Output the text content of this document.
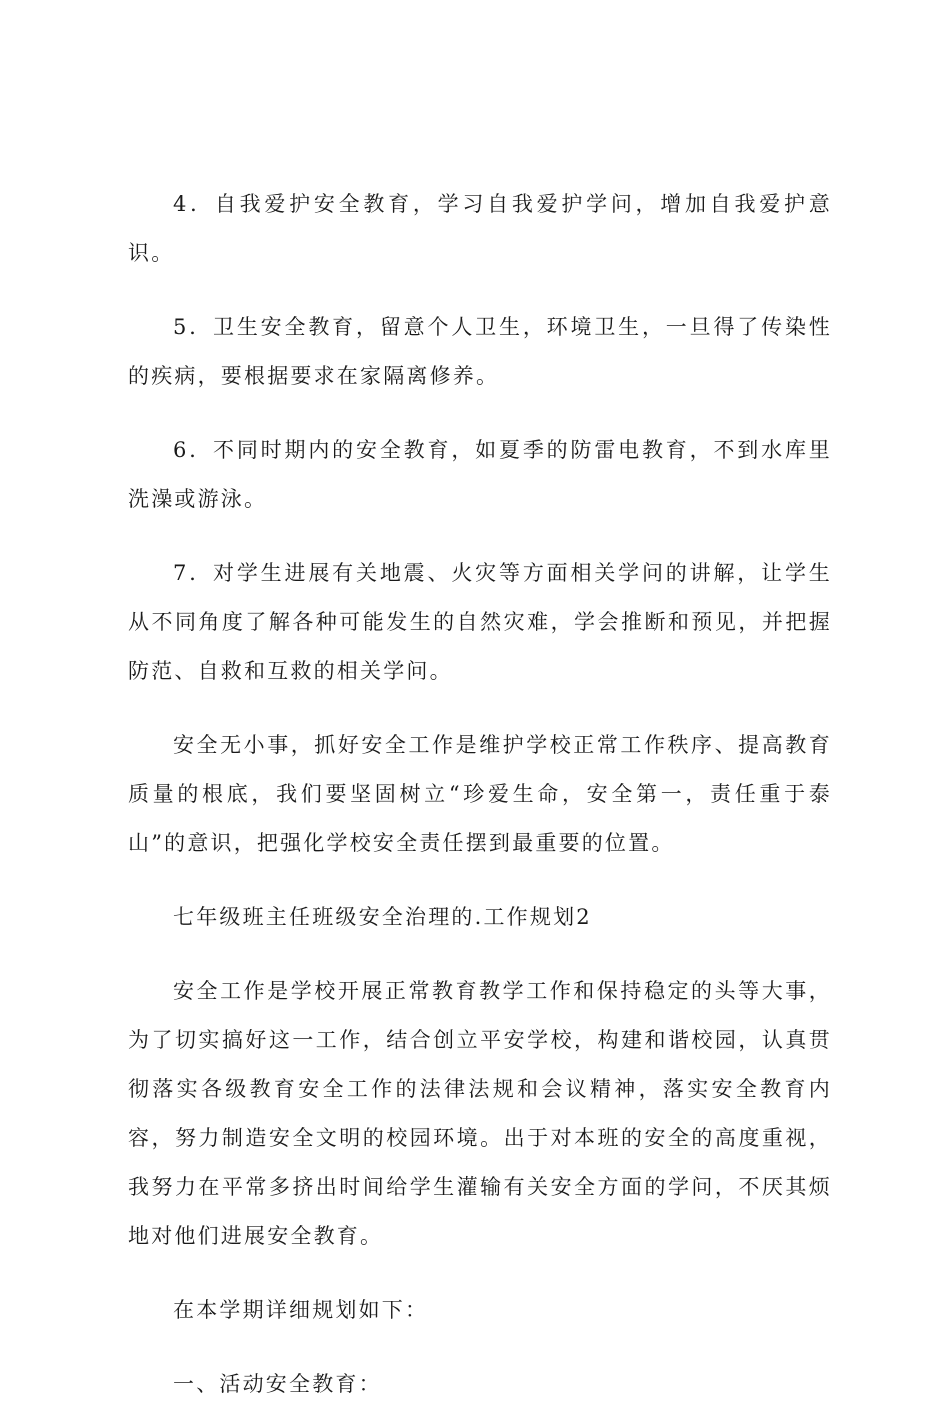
4．自我爱护安全教育，学习自我爱护学问，增加自我爱护意识。

5．卫生安全教育，留意个人卫生，环境卫生，一旦得了传染性的疾病，要根据要求在家隔离修养。

6．不同时期内的安全教育，如夏季的防雷电教育，不到水库里洗澡或游泳。

7．对学生进展有关地震、火灾等方面相关学问的讲解，让学生从不同角度了解各种可能发生的自然灾难，学会推断和预见，并把握防范、自救和互救的相关学问。

安全无小事，抓好安全工作是维护学校正常工作秩序、提高教育质量的根底，我们要坚固树立“珍爱生命，安全第一，责任重于泰山”的意识，把强化学校安全责任摆到最重要的位置。

七年级班主任班级安全治理的.工作规划2

安全工作是学校开展正常教育教学工作和保持稳定的头等大事，为了切实搞好这一工作，结合创立平安学校，构建和谐校园，认真贯彻落实各级教育安全工作的法律法规和会议精神，落实安全教育内容，努力制造安全文明的校园环境。出于对本班的安全的高度重视，我努力在平常多挤出时间给学生灌输有关安全方面的学问，不厌其烦地对他们进展安全教育。

在本学期详细规划如下：

一、活动安全教育：
